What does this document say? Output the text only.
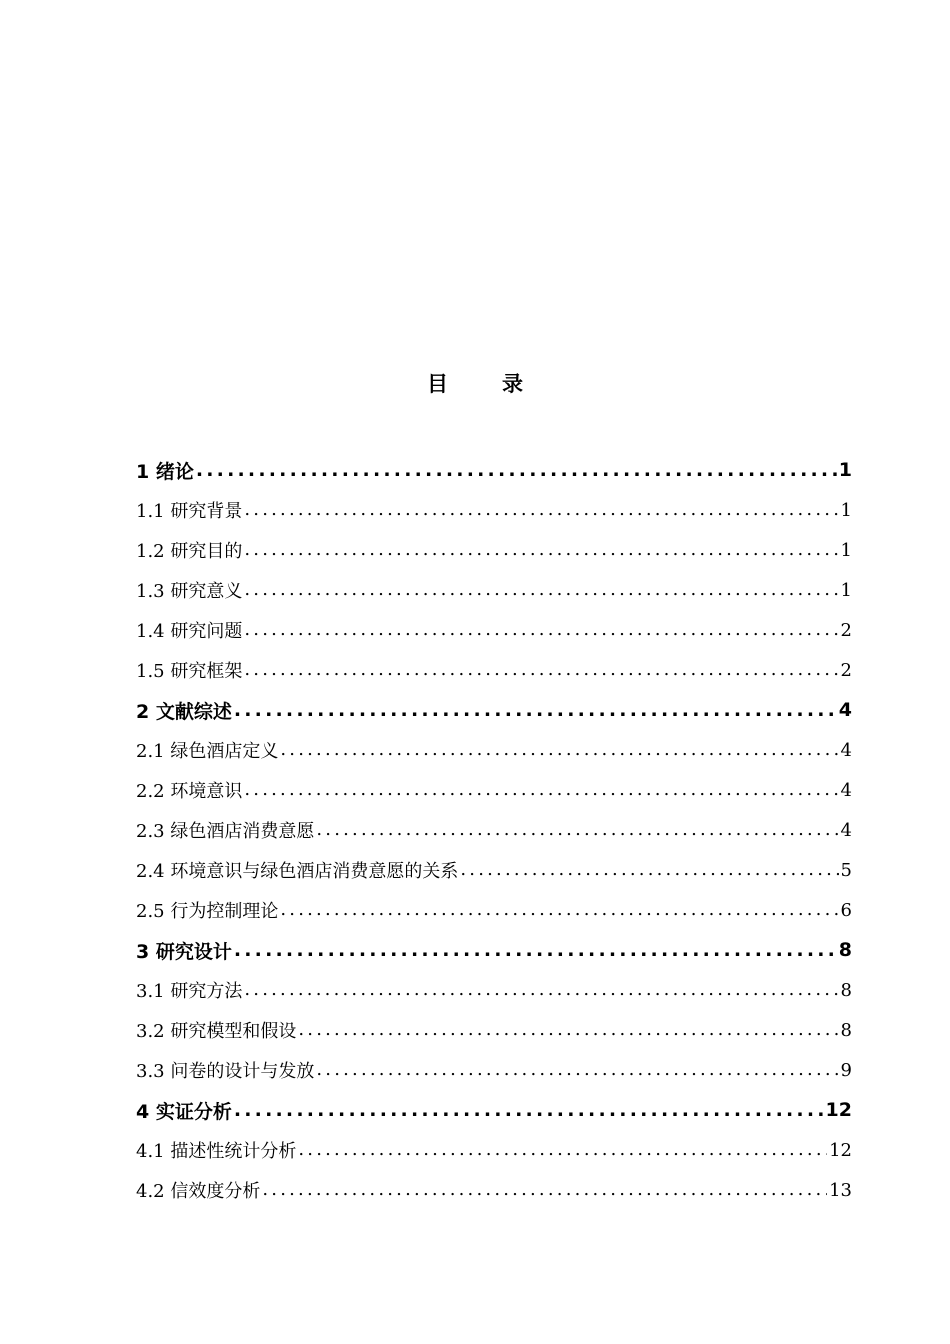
目	录
1 绪论 .....	1
1.1 研究背景 .....	1
1.2 研究目的 .....	1
1.3 研究意义 .....	1
1.4 研究问题 .....	2
1.5 研究框架 .....	2
2 文献综述 .....	4
2.1 绿色酒店定义 .....	4
2.2 环境意识 .....	4
2.3 绿色酒店消费意愿 .....	4
2.4 环境意识与绿色酒店消费意愿的关系 .....	5
2.5 行为控制理论 .....	6
3 研究设计 .....	8
3.1 研究方法 .....	8
3.2 研究模型和假设 .....	8
3.3 问卷的设计与发放 .....	9
4 实证分析 .....	12
4.1 描述性统计分析 .....	12
4.2 信效度分析 .....	13
